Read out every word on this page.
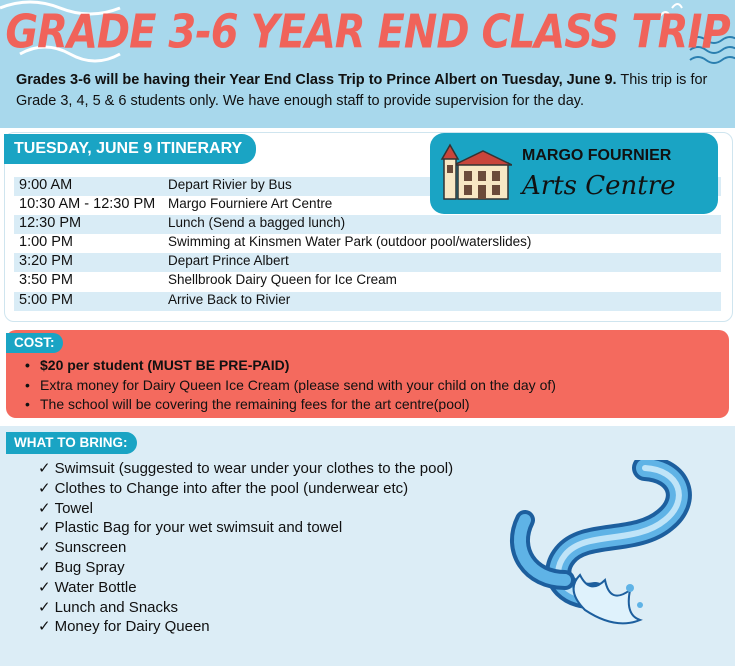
GRADE 3-6 YEAR END CLASS TRIP
Grades 3-6 will be having their Year End Class Trip to Prince Albert on Tuesday, June 9. This trip is for Grade 3, 4, 5 & 6 students only. We have enough staff to provide supervision for the day.
TUESDAY, JUNE 9 ITINERARY
9:00 AM	Depart Rivier by Bus
10:30 AM - 12:30 PM Margo Fourniere Art Centre
12:30 PM	Lunch (Send a bagged lunch)
1:00 PM	Swimming at Kinsmen Water Park (outdoor pool/waterslides)
3:20 PM	Depart Prince Albert
3:50 PM	Shellbrook Dairy Queen for Ice Cream
5:00 PM	Arrive Back to Rivier
MARGO FOURNIER
Arts Centre
COST:
• $20 per student (MUST BE PRE-PAID)
• Extra money for Dairy Queen Ice Cream (please send with your child on the day of)
• The school will be covering the remaining fees for the art centre(pool)
WHAT TO BRING:
✓ Swimsuit (suggested to wear under your clothes to the pool)
✓ Clothes to Change into after the pool (underwear etc)
✓ Towel
✓ Plastic Bag for your wet swimsuit and towel
✓ Sunscreen
✓ Bug Spray
✓ Water Bottle
✓ Lunch and Snacks
✓ Money for Dairy Queen
